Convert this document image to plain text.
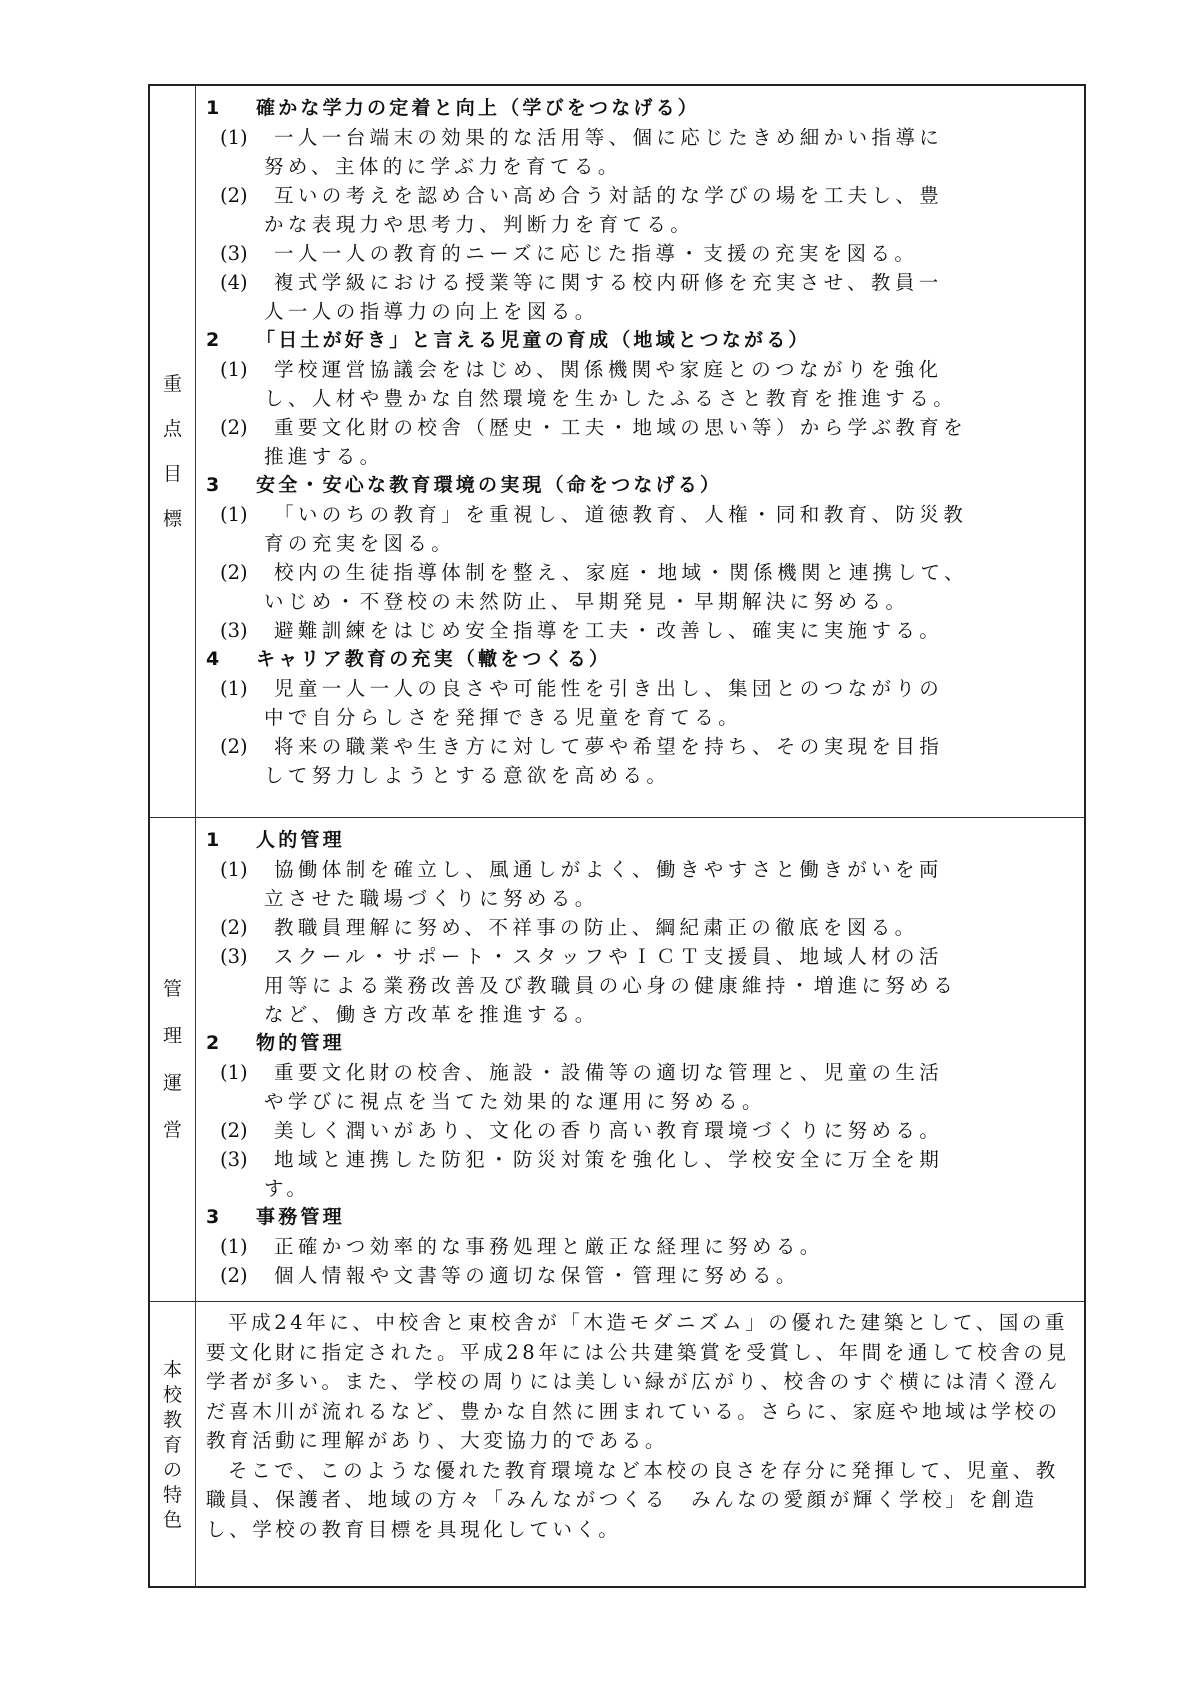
重
点
目
標
1 確かな学力の定着と向上（学びをつなげる）
(1) 一人一台端末の効果的な活用等、個に応じたきめ細かい指導に
努め、主体的に学ぶ力を育てる。
(2) 互いの考えを認め合い高め合う対話的な学びの場を工夫し、豊
かな表現力や思考力、判断力を育てる。
(3) 一人一人の教育的ニーズに応じた指導・支援の充実を図る。
(4) 複式学級における授業等に関する校内研修を充実させ、教員一
人一人の指導力の向上を図る。
2 「日土が好き」と言える児童の育成（地域とつながる）
(1) 学校運営協議会をはじめ、関係機関や家庭とのつながりを強化
し、人材や豊かな自然環境を生かしたふるさと教育を推進する。
(2) 重要文化財の校舎（歴史・工夫・地域の思い等）から学ぶ教育を
推進する。
3 安全・安心な教育環境の実現（命をつなげる）
(1) 「いのちの教育」を重視し、道徳教育、人権・同和教育、防災教
育の充実を図る。
(2) 校内の生徒指導体制を整え、家庭・地域・関係機関と連携して、
いじめ・不登校の未然防止、早期発見・早期解決に努める。
(3) 避難訓練をはじめ安全指導を工夫・改善し、確実に実施する。
4 キャリア教育の充実（轍をつくる）
(1) 児童一人一人の良さや可能性を引き出し、集団とのつながりの
中で自分らしさを発揮できる児童を育てる。
(2) 将来の職業や生き方に対して夢や希望を持ち、その実現を目指
して努力しようとする意欲を高める。
管
理
運
営
1 人的管理
(1) 協働体制を確立し、風通しがよく、働きやすさと働きがいを両
立させた職場づくりに努める。
(2) 教職員理解に努め、不祥事の防止、綱紀粛正の徹底を図る。
(3) スクール・サポート・スタッフやＩＣＴ支援員、地域人材の活
用等による業務改善及び教職員の心身の健康維持・増進に努める
など、働き方改革を推進する。
2 物的管理
(1) 重要文化財の校舎、施設・設備等の適切な管理と、児童の生活
や学びに視点を当てた効果的な運用に努める。
(2) 美しく潤いがあり、文化の香り高い教育環境づくりに努める。
(3) 地域と連携した防犯・防災対策を強化し、学校安全に万全を期
す。
3 事務管理
(1) 正確かつ効率的な事務処理と厳正な経理に努める。
(2) 個人情報や文書等の適切な保管・管理に努める。
本
校
教
育
の
特
色

平成24年に、中校舎と東校舎が「木造モダニズム」の優れた建築として、国の重要文化財に指定された。平成28年には公共建築賞を受賞し、年間を通して校舎の見学者が多い。また、学校の周りには美しい緑が広がり、校舎のすぐ横には清く澄んだ喜木川が流れるなど、豊かな自然に囲まれている。さらに、家庭や地域は学校の教育活動に理解があり、大変協力的である。

そこで、このような優れた教育環境など本校の良さを存分に発揮して、児童、教職員、保護者、地域の方々「みんながつくる　みんなの愛顔が輝く学校」を創造し、学校の教育目標を具現化していく。
